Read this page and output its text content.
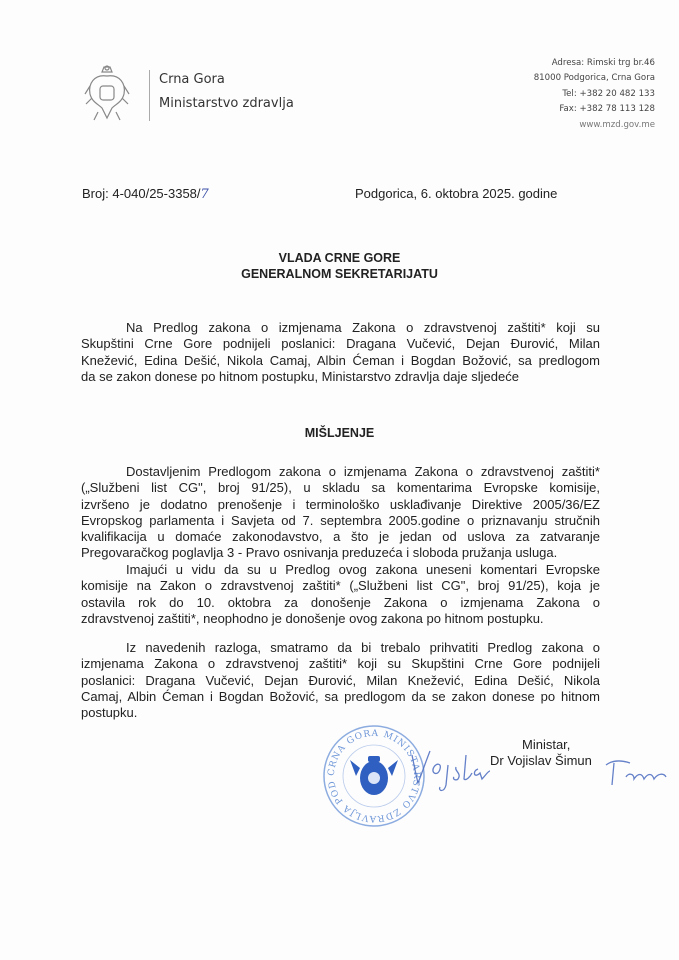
Crna Gora
Ministarstvo zdravlja
Adresa: Rimski trg br.46
81000 Podgorica, Crna Gora
Tel: +382 20 482 133
Fax: +382 78 113 128
www.mzd.gov.me
Broj: 4-040/25-3358/7	Podgorica, 6. oktobra 2025. godine
VLADA CRNE GORE
GENERALNOM SEKRETARIJATU
Na Predlog zakona o izmjenama Zakona o zdravstvenoj zaštiti* koji su
Skupštini Crne Gore podnijeli poslanici: Dragana Vučević, Dejan Đurović, Milan
Knežević, Edina Dešić, Nikola Camaj, Albin Ćeman i Bogdan Božović, sa predlogom
da se zakon donese po hitnom postupku, Ministarstvo zdravlja daje sljedeće
MIŠLJENJE
Dostavljenim Predlogom zakona o izmjenama Zakona o zdravstvenoj zaštiti*
(„Službeni list CG", broj 91/25), u skladu sa komentarima Evropske komisije,
izvršeno je dodatno prenošenje i terminološko usklađivanje Direktive 2005/36/EZ
Evropskog parlamenta i Savjeta od 7. septembra 2005.godine o priznavanju stručnih
kvalifikacija u domaće zakonodavstvo, a što je jedan od uslova za zatvaranje
Pregovaračkog poglavlja 3 - Pravo osnivanja preduzeća i sloboda pružanja usluga.
Imajući u vidu da su u Predlog ovog zakona uneseni komentari Evropske
komisije na Zakon o zdravstvenoj zaštiti* („Službeni list CG", broj 91/25), koja je
ostavila rok do 10. oktobra za donošenje Zakona o izmjenama Zakona o
zdravstvenoj zaštiti*, neophodno je donošenje ovog zakona po hitnom postupku.
Iz navedenih razloga, smatramo da bi trebalo prihvatiti Predlog zakona o
izmjenama Zakona o zdravstvenoj zaštiti* koji su Skupštini Crne Gore podnijeli
poslanici: Dragana Vučević, Dejan Đurović, Milan Knežević, Edina Dešić, Nikola
Camaj, Albin Ćeman i Bogdan Božović, sa predlogom da se zakon donese po hitnom
postupku.
CRNA GORA MINISTARSTVO ZDRAVLJA POD
Ministar,
Dr Vojislav Šimun
